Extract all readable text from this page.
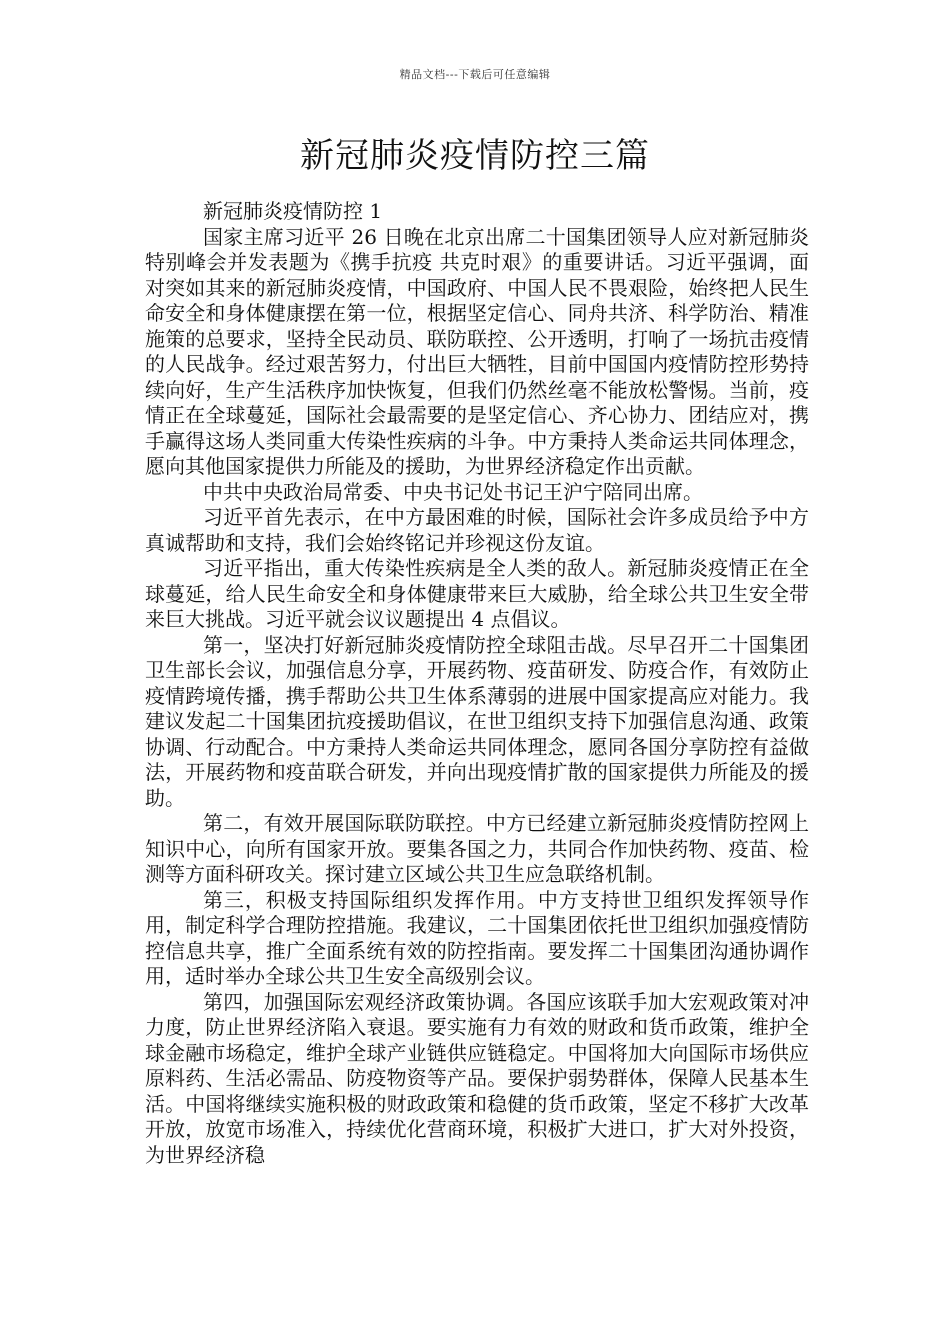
精品文档---下载后可任意编辑
新冠肺炎疫情防控三篇

新冠肺炎疫情防控 1

国家主席习近平 26 日晚在北京出席二十国集团领导人应对新冠肺炎特别峰会并发表题为《携手抗疫 共克时艰》的重要讲话。习近平强调，面对突如其来的新冠肺炎疫情，中国政府、中国人民不畏艰险，始终把人民生命安全和身体健康摆在第一位，根据坚定信心、同舟共济、科学防治、精准施策的总要求，坚持全民动员、联防联控、公开透明，打响了一场抗击疫情的人民战争。经过艰苦努力，付出巨大牺牲，目前中国国内疫情防控形势持续向好，生产生活秩序加快恢复，但我们仍然丝毫不能放松警惕。当前，疫情正在全球蔓延，国际社会最需要的是坚定信心、齐心协力、团结应对，携手赢得这场人类同重大传染性疾病的斗争。中方秉持人类命运共同体理念，愿向其他国家提供力所能及的援助，为世界经济稳定作出贡献。

中共中央政治局常委、中央书记处书记王沪宁陪同出席。

习近平首先表示，在中方最困难的时候，国际社会许多成员给予中方真诚帮助和支持，我们会始终铭记并珍视这份友谊。

习近平指出，重大传染性疾病是全人类的敌人。新冠肺炎疫情正在全球蔓延，给人民生命安全和身体健康带来巨大威胁，给全球公共卫生安全带来巨大挑战。习近平就会议议题提出 4 点倡议。

第一，坚决打好新冠肺炎疫情防控全球阻击战。尽早召开二十国集团卫生部长会议，加强信息分享，开展药物、疫苗研发、防疫合作，有效防止疫情跨境传播，携手帮助公共卫生体系薄弱的进展中国家提高应对能力。我建议发起二十国集团抗疫援助倡议，在世卫组织支持下加强信息沟通、政策协调、行动配合。中方秉持人类命运共同体理念，愿同各国分享防控有益做法，开展药物和疫苗联合研发，并向出现疫情扩散的国家提供力所能及的援助。

第二，有效开展国际联防联控。中方已经建立新冠肺炎疫情防控网上知识中心，向所有国家开放。要集各国之力，共同合作加快药物、疫苗、检测等方面科研攻关。探讨建立区域公共卫生应急联络机制。

第三，积极支持国际组织发挥作用。中方支持世卫组织发挥领导作用，制定科学合理防控措施。我建议，二十国集团依托世卫组织加强疫情防控信息共享，推广全面系统有效的防控指南。要发挥二十国集团沟通协调作用，适时举办全球公共卫生安全高级别会议。

第四，加强国际宏观经济政策协调。各国应该联手加大宏观政策对冲力度，防止世界经济陷入衰退。要实施有力有效的财政和货币政策，维护全球金融市场稳定，维护全球产业链供应链稳定。中国将加大向国际市场供应原料药、生活必需品、防疫物资等产品。要保护弱势群体，保障人民基本生活。中国将继续实施积极的财政政策和稳健的货币政策，坚定不移扩大改革开放，放宽市场准入，持续优化营商环境，积极扩大进口，扩大对外投资，为世界经济稳
